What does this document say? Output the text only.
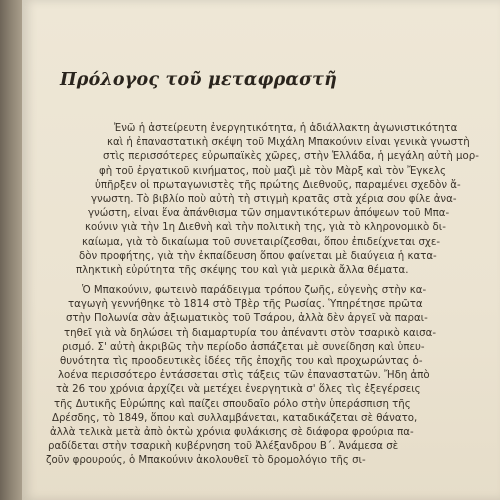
Πρόλογος τοῦ μεταφραστῆ
Ἐνῶ ἡ ἀστείρευτη ἐνεργητικότητα, ἡ ἀδιάλλακτη ἀγωνιστικότητα
καὶ ἡ ἐπαναστατικὴ σκέψη τοῦ Μιχάλη Μπακούνιν εἶναι γενικὰ γνωστὴ
στὶς περισσότερες εὐρωπαϊκὲς χῶρες, στὴν Ἑλλάδα, ἡ μεγάλη αὐτὴ μορ-
φὴ τοῦ ἐργατικοῦ κινήματος, ποὺ μαζὶ μὲ τὸν Μὰρξ καὶ τὸν Ἔγκελς
ὑπῆρξεν οἱ πρωταγωνιστὲς τῆς πρώτης Διεθνοῦς, παραμένει σχεδὸν ἄ-
γνωστη. Τὸ βιβλίο ποὺ αὐτὴ τὴ στιγμὴ κρατᾶς στὰ χέρια σου φίλε ἀνα-
γνώστη, εἶναι ἕνα ἀπάνθισμα τῶν σημαντικότερων ἀπόψεων τοῦ Μπα-
κούνιν γιὰ τὴν 1η Διεθνὴ καὶ τὴν πολιτικὴ της, γιὰ τὸ κληρονομικὸ δι-
καίωμα, γιὰ τὸ δικαίωμα τοῦ συνεταιρίζεσθαι, ὅπου ἐπιδείχνεται σχε-
δὸν προφήτης, γιὰ τὴν ἐκπαίδευση ὅπου φαίνεται μὲ διαύγεια ἡ κατα-
πληκτικὴ εὐρύτητα τῆς σκέψης του καὶ γιὰ μερικὰ ἄλλα θέματα.
Ὁ Μπακούνιν, φωτεινὸ παράδειγμα τρόπου ζωῆς, εὐγενὴς στὴν κα-
ταγωγὴ γεννήθηκε τὸ 1814 στὸ Τβὲρ τῆς Ρωσίας. Ὑπηρέτησε πρῶτα
στὴν Πολωνία σὰν ἀξιωματικὸς τοῦ Τσάρου, ἀλλὰ δὲν ἀργεῖ νὰ παραι-
τηθεῖ γιὰ νὰ δηλώσει τὴ διαμαρτυρία του ἀπέναντι στὸν τσαρικὸ καισα-
ρισμό. Σ' αὐτὴ ἀκριβῶς τὴν περίοδο ἀσπάζεται μὲ συνείδηση καὶ ὑπευ-
θυνότητα τὶς προοδευτικὲς ἰδέες τῆς ἐποχῆς του καὶ προχωρώντας ὁ-
λοένα περισσότερο ἐντάσσεται στὶς τάξεις τῶν ἐπαναστατῶν. Ἤδη ἀπὸ
τὰ 26 του χρόνια ἀρχίζει νὰ μετέχει ἐνεργητικὰ σ' ὅλες τὶς ἐξεγέρσεις
τῆς Δυτικῆς Εὐρώπης καὶ παίζει σπουδαῖο ρόλο στὴν ὑπεράσπιση τῆς
Δρέσδης, τὸ 1849, ὅπου καὶ συλλαμβάνεται, καταδικάζεται σὲ θάνατο,
ἀλλὰ τελικὰ μετὰ ἀπὸ ὀκτὼ χρόνια φυλάκισης σὲ διάφορα φρούρια πα-
ραδίδεται στὴν τσαρικὴ κυβέρνηση τοῦ Ἀλέξανδρου Β΄. Ἀνάμεσα σὲ
ζοῦν φρουρούς, ὁ Μπακούνιν ἀκολουθεῖ τὸ δρομολόγιο τῆς σι-
